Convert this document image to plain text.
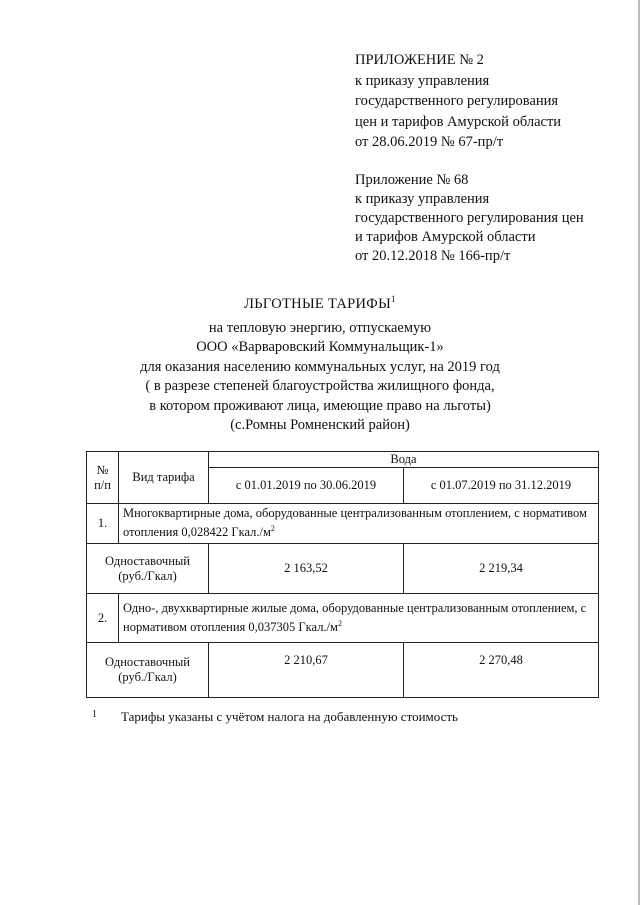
ПРИЛОЖЕНИЕ № 2
к приказу управления
государственного регулирования
цен и тарифов Амурской области
от 28.06.2019 № 67-пр/т
Приложение № 68
к приказу управления
государственного регулирования цен
и тарифов Амурской области
от 20.12.2018 № 166-пр/т
ЛЬГОТНЫЕ ТАРИФЫ$^1$
на тепловую энергию, отпускаемую
ООО «Варваровский Коммунальщик-1»
для оказания населению коммунальных услуг, на 2019 год
( в разрезе степеней благоустройства жилищного фонда,
в котором проживают лица, имеющие право на льготы)
(с.Ромны Ромненский район)
№
п/п	Вид тарифа	Вода	
		с 01.01.2019 по 30.06.2019	с 01.07.2019 по 31.12.2019
1.	Многоквартирные дома, оборудованные централизованным отоплением, с нормативом отопления 0,028422 $Гкал./м^2$
Одноставочный
(руб./Гкал)		2 163,52	2 219,34
2.	Одно-, двухквартирные жилые дома, оборудованные централизованным отоплением, с нормативом отопления 0,037305 $Гкал./м^2$
Одноставочный
(руб./Гкал)		2 210,67	2 270,48
1 Тарифы указаны с учётом налога на добавленную стоимость
